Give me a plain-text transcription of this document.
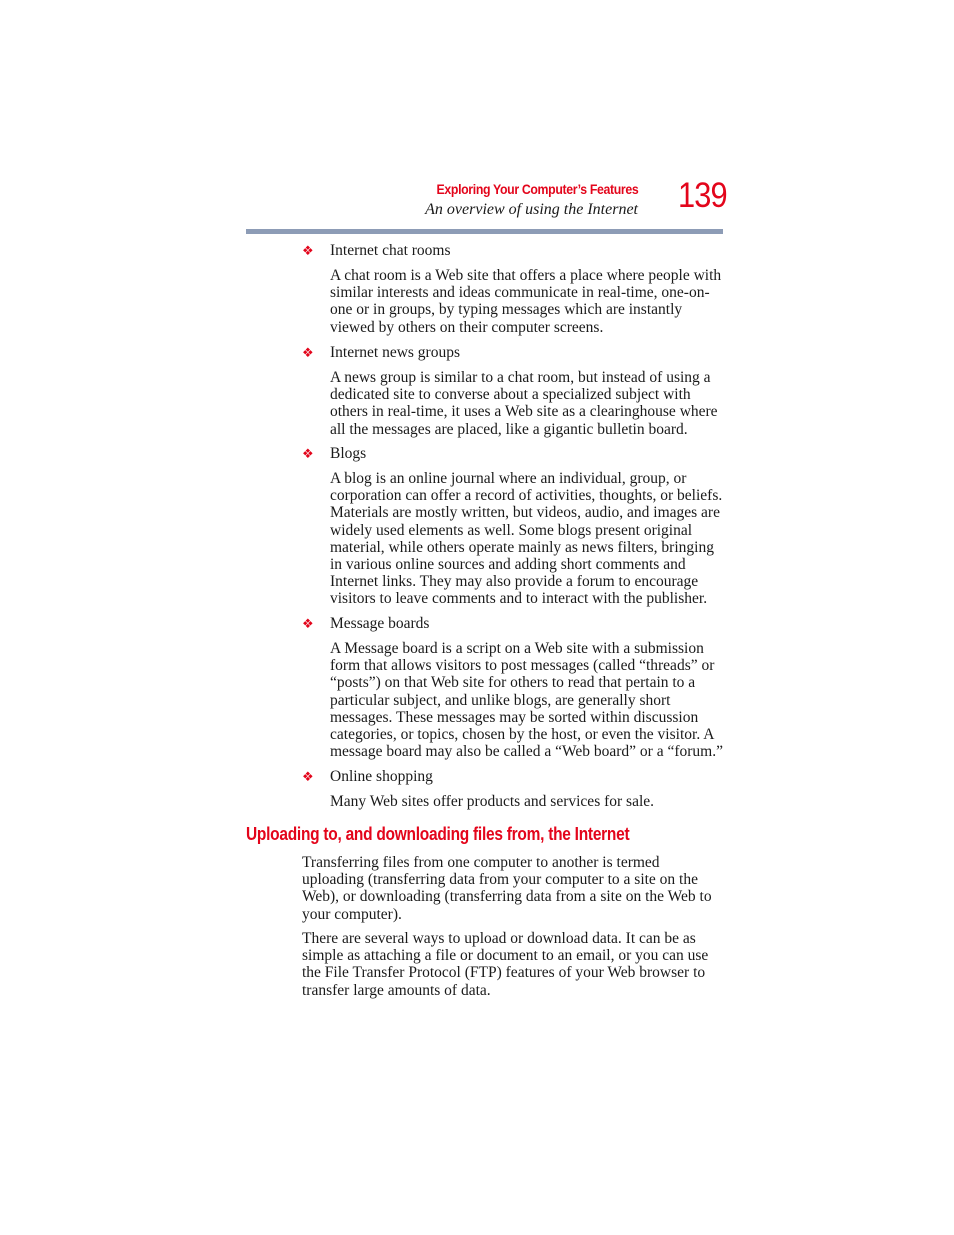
Exploring Your Computer’s Features
An overview of using the Internet 139
❖ Internet chat rooms
A chat room is a Web site that offers a place where people with
similar interests and ideas communicate in real-time, one-on-
one or in groups, by typing messages which are instantly
viewed by others on their computer screens.
❖ Internet news groups
A news group is similar to a chat room, but instead of using a
dedicated site to converse about a specialized subject with
others in real-time, it uses a Web site as a clearinghouse where
all the messages are placed, like a gigantic bulletin board.
❖ Blogs
A blog is an online journal where an individual, group, or
corporation can offer a record of activities, thoughts, or beliefs.
Materials are mostly written, but videos, audio, and images are
widely used elements as well. Some blogs present original
material, while others operate mainly as news filters, bringing
in various online sources and adding short comments and
Internet links. They may also provide a forum to encourage
visitors to leave comments and to interact with the publisher.
❖ Message boards
A Message board is a script on a Web site with a submission
form that allows visitors to post messages (called “threads” or
“posts”) on that Web site for others to read that pertain to a
particular subject, and unlike blogs, are generally short
messages. These messages may be sorted within discussion
categories, or topics, chosen by the host, or even the visitor. A
message board may also be called a “Web board” or a “forum.”
❖ Online shopping
Many Web sites offer products and services for sale.
Uploading to, and downloading files from, the Internet
Transferring files from one computer to another is termed
uploading (transferring data from your computer to a site on the
Web), or downloading (transferring data from a site on the Web to
your computer).
There are several ways to upload or download data. It can be as
simple as attaching a file or document to an email, or you can use
the File Transfer Protocol (FTP) features of your Web browser to
transfer large amounts of data.
